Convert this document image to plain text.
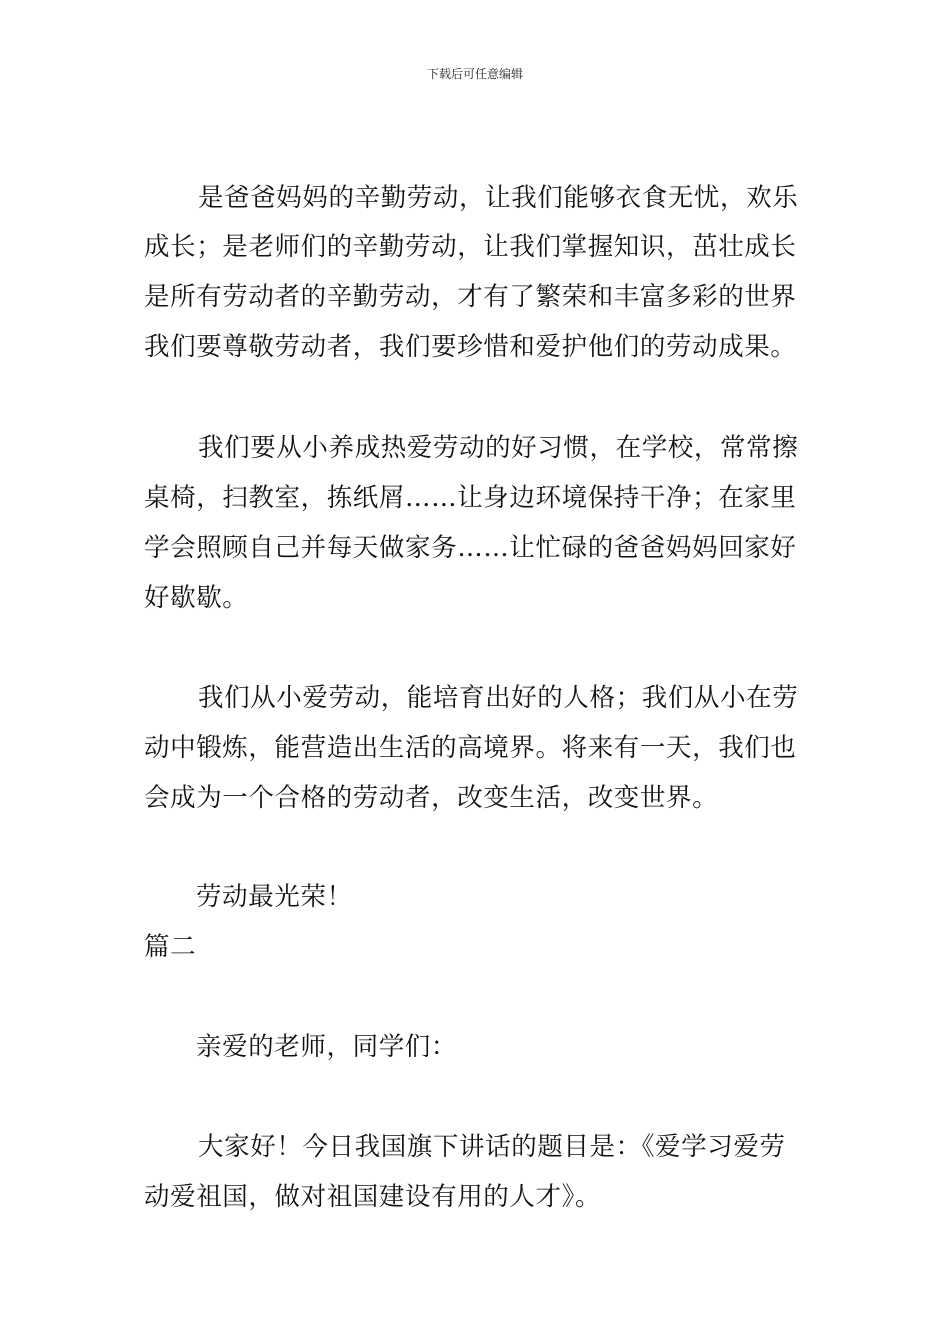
下载后可任意编辑
是爸爸妈妈的辛勤劳动，让我们能够衣食无忧，欢乐
成长；是老师们的辛勤劳动，让我们掌握知识，茁壮成长
是所有劳动者的辛勤劳动，才有了繁荣和丰富多彩的世界
我们要尊敬劳动者，我们要珍惜和爱护他们的劳动成果。
我们要从小养成热爱劳动的好习惯，在学校，常常擦
桌椅，扫教室，拣纸屑……让身边环境保持干净；在家里
学会照顾自己并每天做家务……让忙碌的爸爸妈妈回家好
好歇歇。
我们从小爱劳动，能培育出好的人格；我们从小在劳
动中锻炼，能营造出生活的高境界。将来有一天，我们也
会成为一个合格的劳动者，改变生活，改变世界。
劳动最光荣！
篇二
亲爱的老师，同学们：
大家好！今日我国旗下讲话的题目是：《爱学习爱劳
动爱祖国，做对祖国建设有用的人才》。
